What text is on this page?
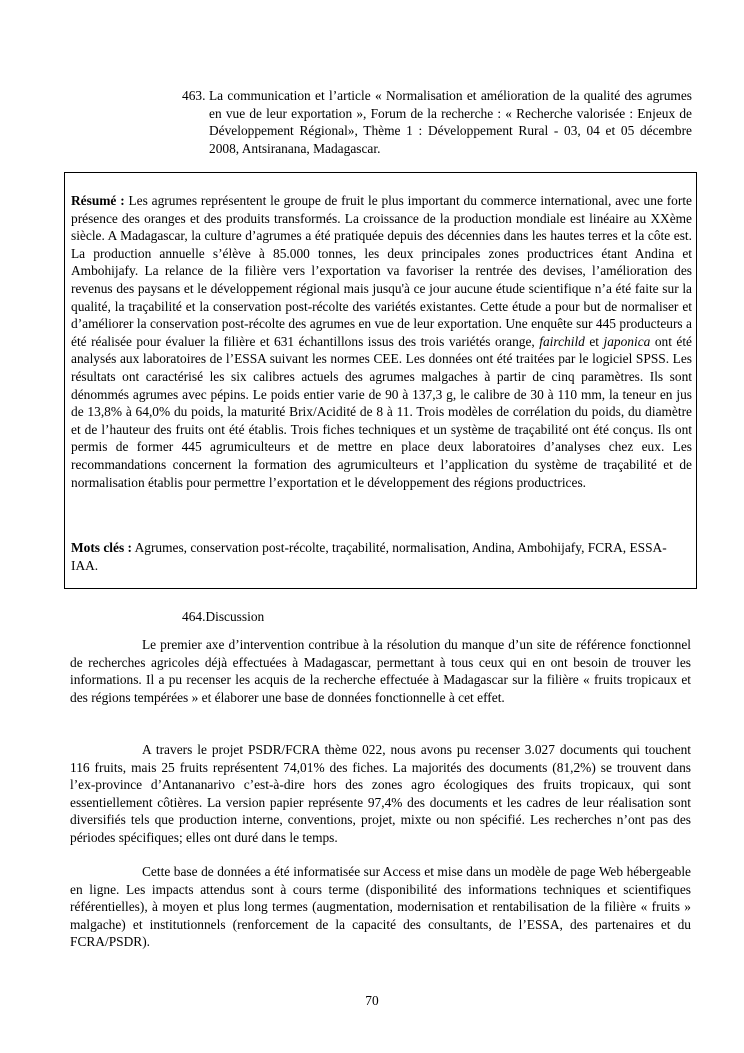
463. La communication et l’article « Normalisation et amélioration de la qualité des agrumes en vue de leur exportation », Forum de la recherche : « Recherche valorisée : Enjeux de Développement Régional», Thème 1 : Développement Rural - 03, 04 et 05 décembre 2008, Antsiranana, Madagascar.
Résumé : Les agrumes représentent le groupe de fruit le plus important du commerce international, avec une forte présence des oranges et des produits transformés. La croissance de la production mondiale est linéaire au XXème siècle. A Madagascar, la culture d’agrumes a été pratiquée depuis des décennies dans les hautes terres et la côte est. La production annuelle s’élève à 85.000 tonnes, les deux principales zones productrices étant Andina et Ambohijafy. La relance de la filière vers l’exportation va favoriser la rentrée des devises, l’amélioration des revenus des paysans et le développement régional mais jusqu'à ce jour aucune étude scientifique n’a été faite sur la qualité, la traçabilité et la conservation post-récolte des variétés existantes. Cette étude a pour but de normaliser et d’améliorer la conservation post-récolte des agrumes en vue de leur exportation. Une enquête sur 445 producteurs a été réalisée pour évaluer la filière et 631 échantillons issus des trois variétés orange, fairchild et japonica ont été analysés aux laboratoires de l’ESSA suivant les normes CEE. Les données ont été traitées par le logiciel SPSS. Les résultats ont caractérisé les six calibres actuels des agrumes malgaches à partir de cinq paramètres. Ils sont dénommés agrumes avec pépins. Le poids entier varie de 90 à 137,3 g, le calibre de 30 à 110 mm, la teneur en jus de 13,8% à 64,0% du poids, la maturité Brix/Acidité de 8 à 11. Trois modèles de corrélation du poids, du diamètre et de l’hauteur des fruits ont été établis. Trois fiches techniques et un système de traçabilité ont été conçus. Ils ont permis de former 445 agrumiculteurs et de mettre en place deux laboratoires d’analyses chez eux. Les recommandations concernent la formation des agrumiculteurs et l’application du système de traçabilité et de normalisation établis pour permettre l’exportation et le développement des régions productrices.
Mots clés : Agrumes, conservation post-récolte, traçabilité, normalisation, Andina, Ambohijafy, FCRA, ESSA-IAA.
464.Discussion
Le premier axe d’intervention contribue à la résolution du manque d’un site de référence fonctionnel de recherches agricoles déjà effectuées à Madagascar, permettant à tous ceux qui en ont besoin de trouver les informations. Il a pu recenser les acquis de la recherche effectuée à Madagascar sur la filière « fruits tropicaux et des régions tempérées » et élaborer une base de données fonctionnelle à cet effet.
A travers le projet PSDR/FCRA thème 022, nous avons pu recenser 3.027 documents qui touchent 116 fruits, mais 25 fruits représentent 74,01% des fiches. La majorités des documents (81,2%) se trouvent dans l’ex-province d’Antananarivo c’est-à-dire hors des zones agro écologiques des fruits tropicaux, qui sont essentiellement côtières. La version papier représente 97,4% des documents et les cadres de leur réalisation sont diversifiés tels que production interne, conventions, projet, mixte ou non spécifié. Les recherches n’ont pas des périodes spécifiques; elles ont duré dans le temps.
Cette base de données a été informatisée sur Access et mise dans un modèle de page Web hébergeable en ligne. Les impacts attendus sont à cours terme (disponibilité des informations techniques et scientifiques référentielles), à moyen et plus long termes (augmentation, modernisation et rentabilisation de la filière « fruits » malgache) et institutionnels (renforcement de la capacité des consultants, de l’ESSA, des partenaires et du FCRA/PSDR).
70
